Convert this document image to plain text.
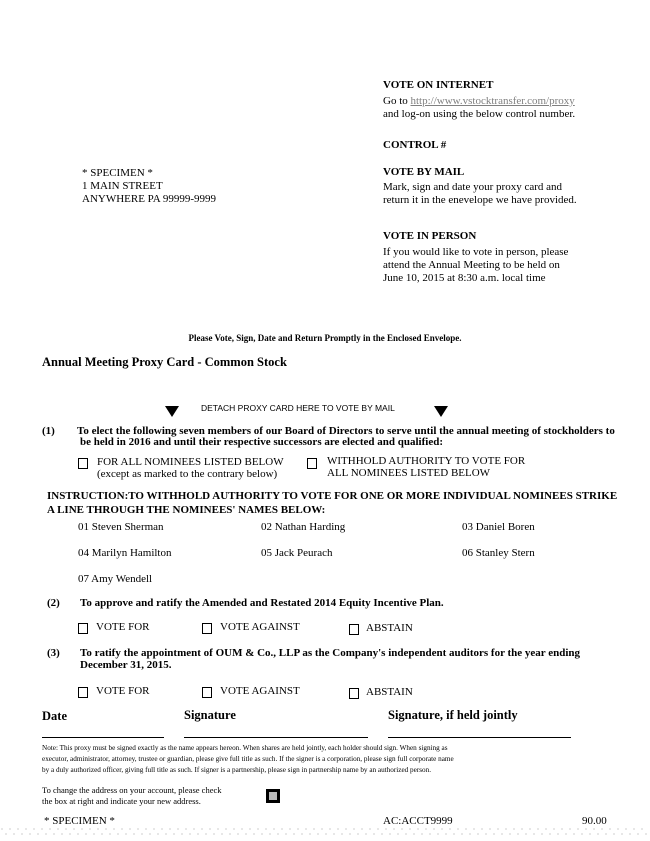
VOTE ON INTERNET
Go to http://www.vstocktransfer.com/proxy
and log-on using the below control number.
CONTROL #
VOTE BY MAIL
Mark, sign and date your proxy card and
return it in the enevelope we have provided.
VOTE IN PERSON
If you would like to vote in person, please
attend the Annual Meeting to be held on
June 10, 2015 at 8:30 a.m. local time
* SPECIMEN *
1 MAIN STREET
ANYWHERE PA 99999-9999
Please Vote, Sign, Date and Return Promptly in the Enclosed Envelope.
Annual Meeting Proxy Card - Common Stock
DETACH PROXY CARD HERE TO VOTE BY MAIL
(1) To elect the following seven members of our Board of Directors to serve until the annual meeting of stockholders to
be held in 2016 and until their respective successors are elected and qualified:
FOR ALL NOMINEES LISTED BELOW
(except as marked to the contrary below)
WITHHOLD AUTHORITY TO VOTE FOR
ALL NOMINEES LISTED BELOW
INSTRUCTION:TO WITHHOLD AUTHORITY TO VOTE FOR ONE OR MORE INDIVIDUAL NOMINEES STRIKE
A LINE THROUGH THE NOMINEES' NAMES BELOW:
01 Steven Sherman	02 Nathan Harding	03 Daniel Boren
04 Marilyn Hamilton	05 Jack Peurach	06 Stanley Stern
07 Amy Wendell
(2) To approve and ratify the Amended and Restated 2014 Equity Incentive Plan.
VOTE FOR	VOTE AGAINST	ABSTAIN
(3) To ratify the appointment of OUM & Co., LLP as the Company's independent auditors for the year ending
December 31, 2015.
VOTE FOR	VOTE AGAINST	ABSTAIN
Date	Signature	Signature, if held jointly
Note: This proxy must be signed exactly as the name appears hereon. When shares are held jointly, each holder should sign. When signing as
executor, administrator, attorney, trustee or guardian, please give full title as such. If the signer is a corporation, please sign full corporate name
by a duly authorized officer, giving full title as such. If signer is a partnership, please sign in partnership name by an authorized person.
To change the address on your account, please check
the box at right and indicate your new address.
* SPECIMEN *	AC:ACCT9999	90.00
